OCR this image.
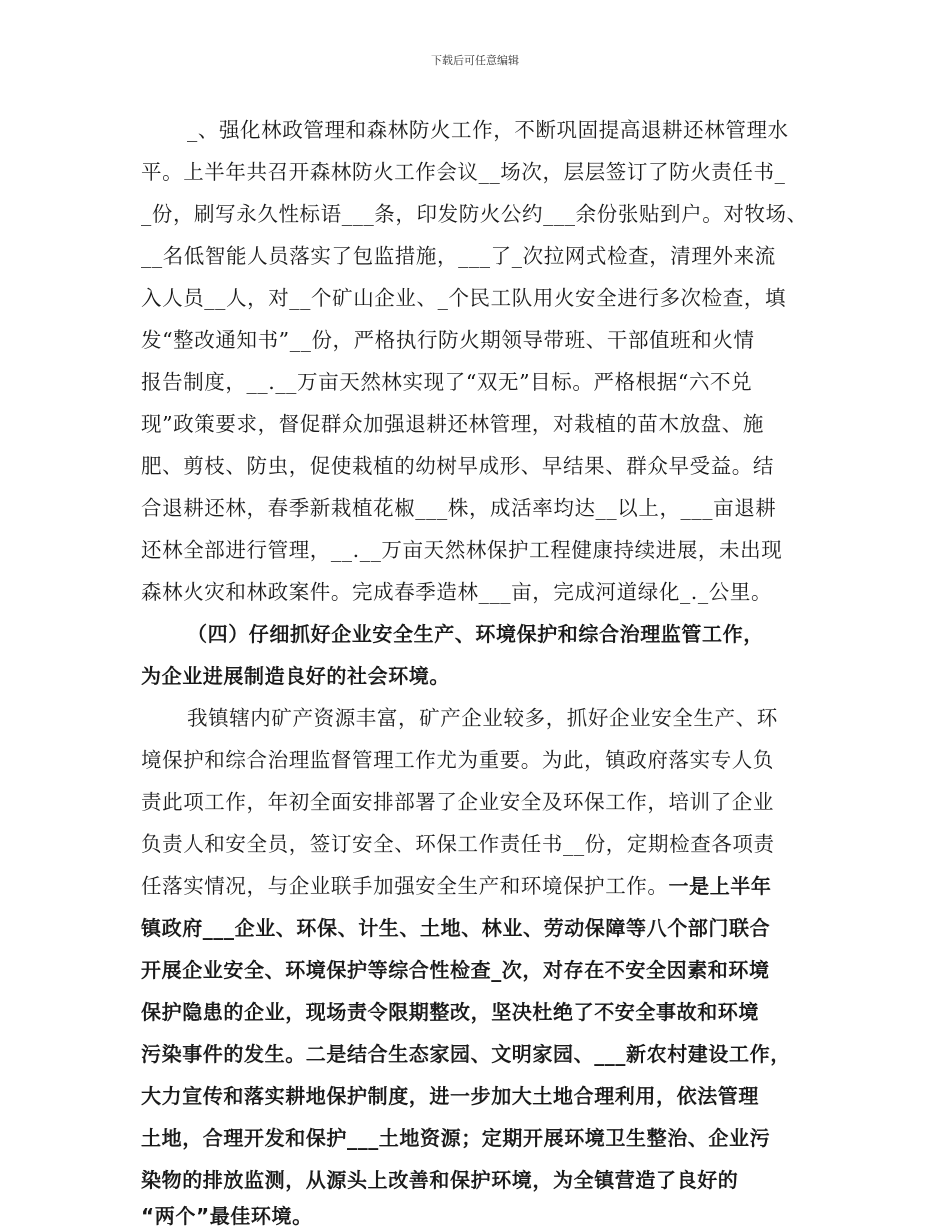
下载后可任意编辑
_、强化林政管理和森林防火工作，不断巩固提高退耕还林管理水
平。上半年共召开森林防火工作会议__场次，层层签订了防火责任书_
_份，刷写永久性标语___条，印发防火公约___余份张贴到户。对牧场、
__名低智能人员落实了包监措施，___了_次拉网式检查，清理外来流
入人员__人，对__个矿山企业、_个民工队用火安全进行多次检查，填
发“整改通知书”__份，严格执行防火期领导带班、干部值班和火情
报告制度，__.__万亩天然林实现了“双无”目标。严格根据“六不兑
现”政策要求，督促群众加强退耕还林管理，对栽植的苗木放盘、施
肥、剪枝、防虫，促使栽植的幼树早成形、早结果、群众早受益。结
合退耕还林，春季新栽植花椒___株，成活率均达__以上，___亩退耕
还林全部进行管理，__.__万亩天然林保护工程健康持续进展，未出现
森林火灾和林政案件。完成春季造林___亩，完成河道绿化_._公里。
（四）仔细抓好企业安全生产、环境保护和综合治理监管工作，
为企业进展制造良好的社会环境。
我镇辖内矿产资源丰富，矿产企业较多，抓好企业安全生产、环
境保护和综合治理监督管理工作尤为重要。为此，镇政府落实专人负
责此项工作，年初全面安排部署了企业安全及环保工作，培训了企业
负责人和安全员，签订安全、环保工作责任书__份，定期检查各项责
任落实情况，与企业联手加强安全生产和环境保护工作。一是上半年
镇政府___企业、环保、计生、土地、林业、劳动保障等八个部门联合
开展企业安全、环境保护等综合性检查_次，对存在不安全因素和环境
保护隐患的企业，现场责令限期整改，坚决杜绝了不安全事故和环境
污染事件的发生。二是结合生态家园、文明家园、___新农村建设工作，
大力宣传和落实耕地保护制度，进一步加大土地合理利用，依法管理
土地，合理开发和保护___土地资源；定期开展环境卫生整治、企业污
染物的排放监测，从源头上改善和保护环境，为全镇营造了良好的
“两个”最佳环境。
